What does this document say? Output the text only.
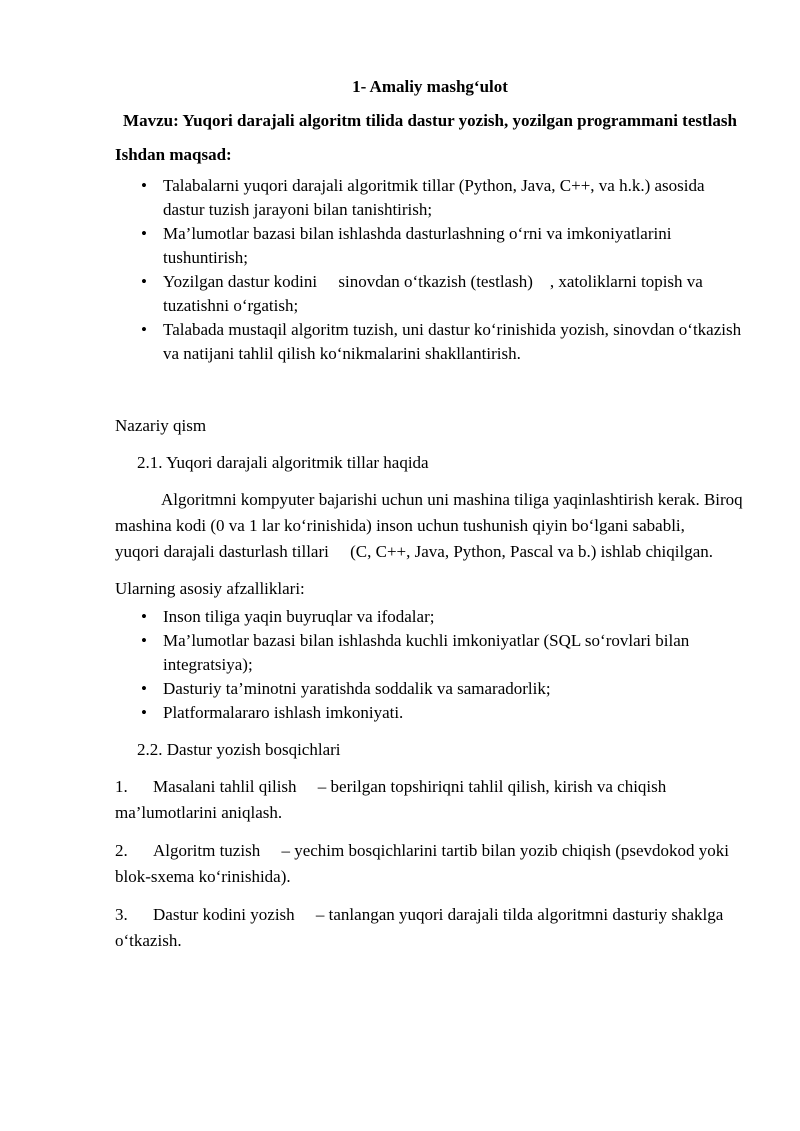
1- Amaliy mashg‘ulot

Mavzu: Yuqori darajali algoritm tilida dastur yozish, yozilgan programmani testlash

Ishdan maqsad:

• Talabalarni yuqori darajali algoritmik tillar (Python, Java, C++, va h.k.) asosida dastur tuzish jarayoni bilan tanishtirish;
• Ma’lumotlar bazasi bilan ishlashda dasturlashning o‘rni va imkoniyatlarini tushuntirish;
• Yozilgan dastur kodini     sinovdan o‘tkazish (testlash)    , xatoliklarni topish va tuzatishni o‘rgatish;
• Talabada mustaqil algoritm tuzish, uni dastur ko‘rinishida yozish, sinovdan o‘tkazish va natijani tahlil qilish ko‘nikmalarini shakllantirish.

Nazariy qism

2.1. Yuqori darajali algoritmik tillar haqida

Algoritmni kompyuter bajarishi uchun uni mashina tiliga yaqinlashtirish kerak. Biroq mashina kodi (0 va 1 lar ko‘rinishida) inson uchun tushunish qiyin bo‘lgani sababli,     yuqori darajali dasturlash tillari     (C, C++, Java, Python, Pascal va b.) ishlab chiqilgan.

Ularning asosiy afzalliklari:

• Inson tiliga yaqin buyruqlar va ifodalar;
• Ma’lumotlar bazasi bilan ishlashda kuchli imkoniyatlar (SQL so‘rovlari bilan integratsiya);
• Dasturiy ta’minotni yaratishda soddalik va samaradorlik;
• Platformalararo ishlash imkoniyati.

2.2. Dastur yozish bosqichlari

1. Masalani tahlil qilish     – berilgan topshiriqni tahlil qilish, kirish va chiqish ma’lumotlarini aniqlash.

2. Algoritm tuzish     – yechim bosqichlarini tartib bilan yozib chiqish (psevdokod yoki blok-sxema ko‘rinishida).

3. Dastur kodini yozish     – tanlangan yuqori darajali tilda algoritmni dasturiy shaklga o‘tkazish.
